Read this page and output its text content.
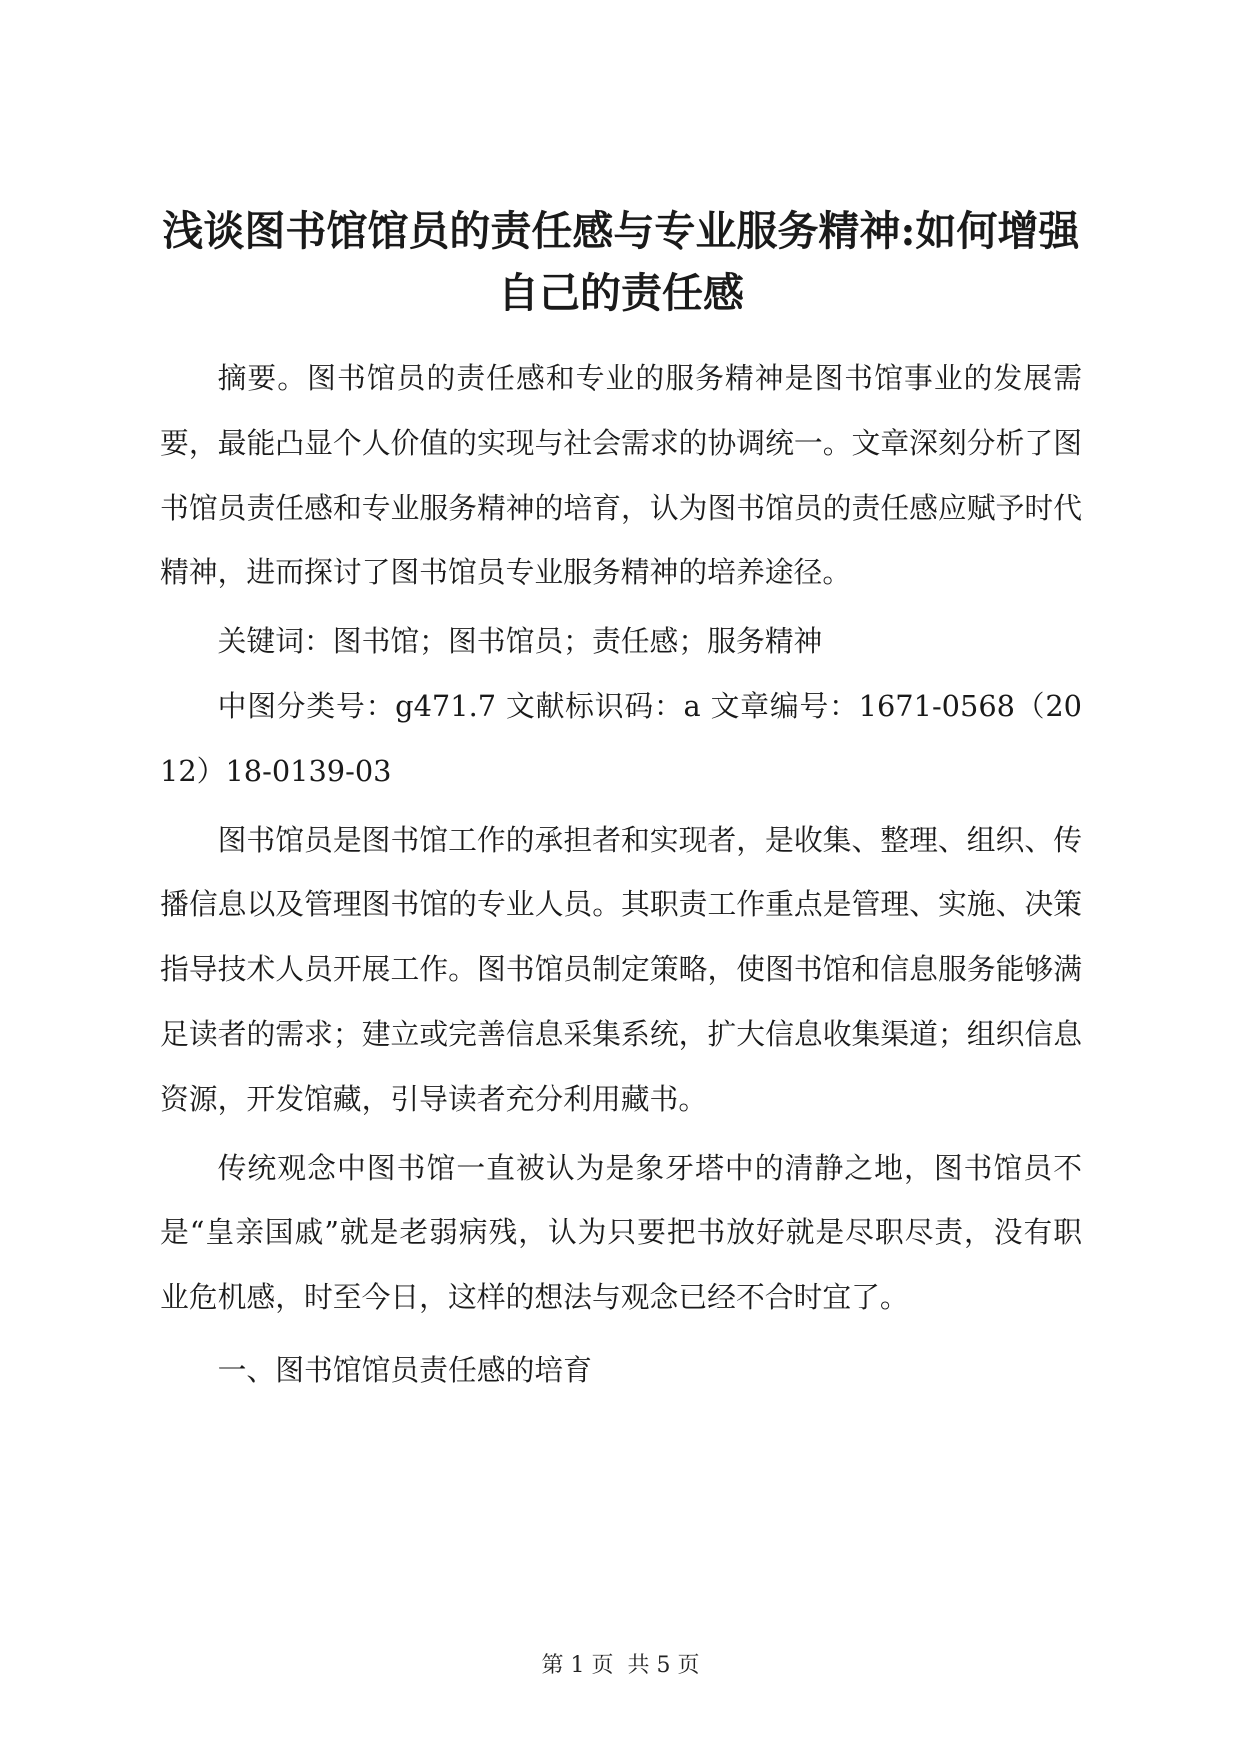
浅谈图书馆馆员的责任感与专业服务精神:如何增强自己的责任感

摘要。图书馆员的责任感和专业的服务精神是图书馆事业的发展需要，最能凸显个人价值的实现与社会需求的协调统一。文章深刻分析了图书馆员责任感和专业服务精神的培育，认为图书馆员的责任感应赋予时代精神，进而探讨了图书馆员专业服务精神的培养途径。

关键词：图书馆；图书馆员；责任感；服务精神

中图分类号：g471.7 文献标识码：a 文章编号：1671-0568（2012）18-0139-03

图书馆员是图书馆工作的承担者和实现者，是收集、整理、组织、传播信息以及管理图书馆的专业人员。其职责工作重点是管理、实施、决策指导技术人员开展工作。图书馆员制定策略，使图书馆和信息服务能够满足读者的需求；建立或完善信息采集系统，扩大信息收集渠道；组织信息资源，开发馆藏，引导读者充分利用藏书。

传统观念中图书馆一直被认为是象牙塔中的清静之地，图书馆员不是“皇亲国戚”就是老弱病残，认为只要把书放好就是尽职尽责，没有职业危机感，时至今日，这样的想法与观念已经不合时宜了。

一、图书馆馆员责任感的培育

第 1 页 共 5 页
